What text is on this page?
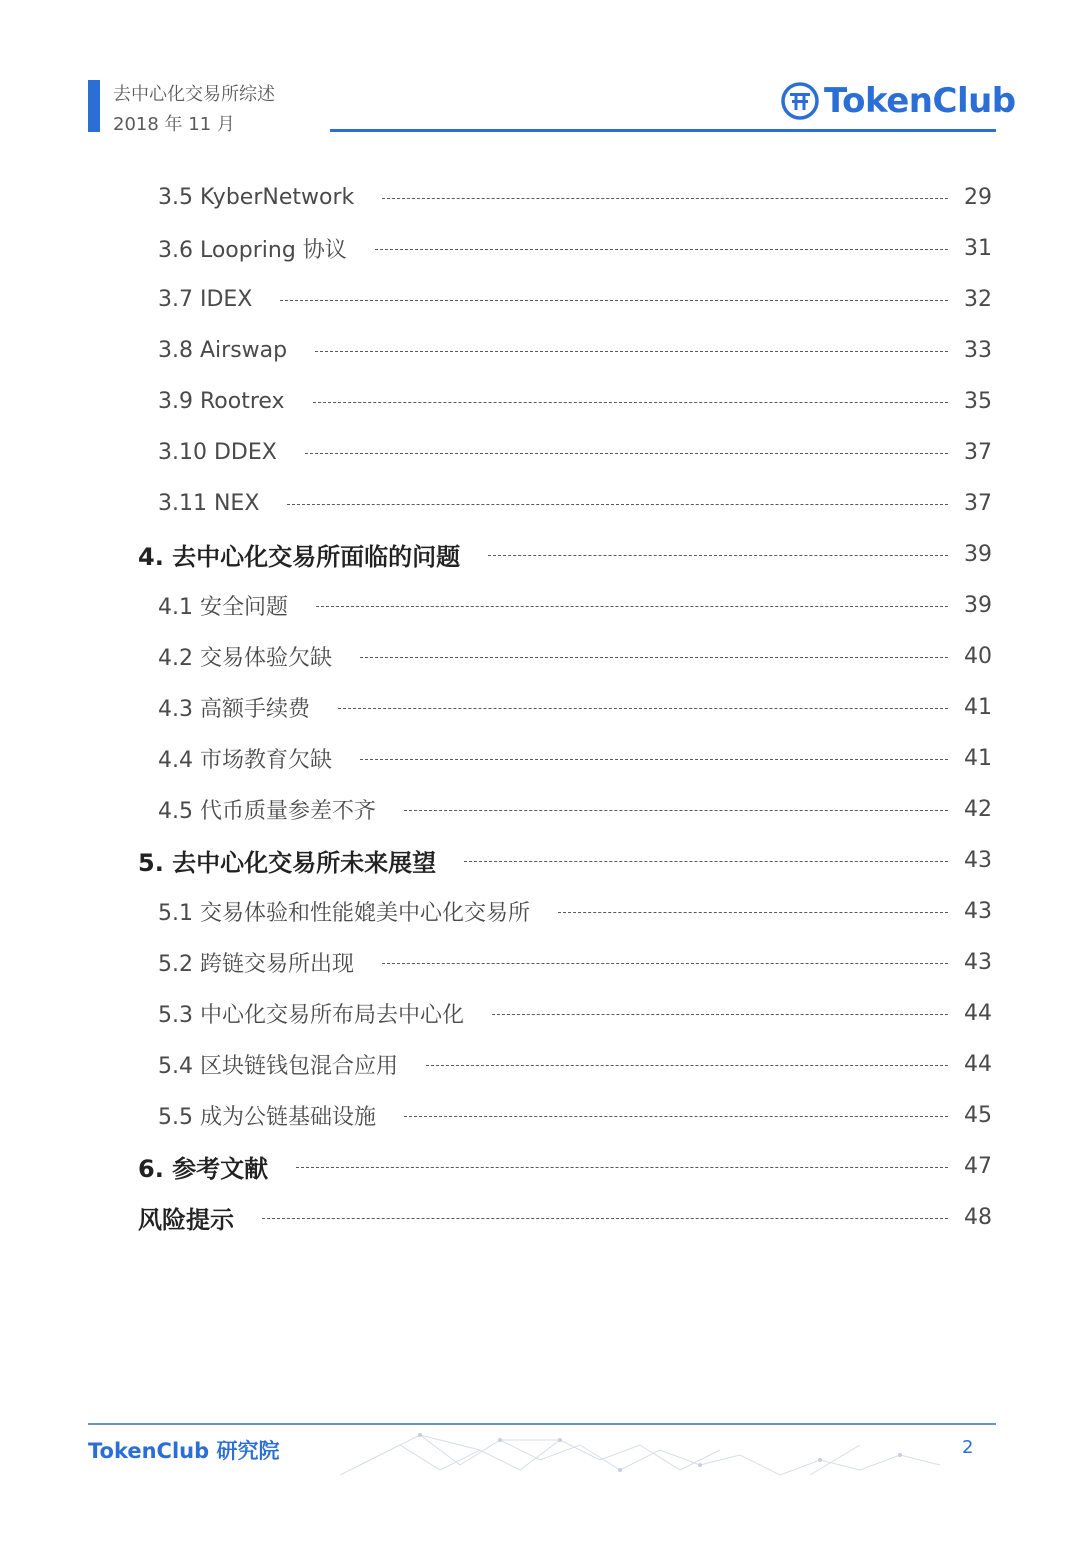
去中心化交易所综述
2018 年 11 月
TokenClub
3.5 KyberNetwork	29
3.6 Loopring 协议	31
3.7 IDEX	32
3.8 Airswap	33
3.9 Rootrex	35
3.10 DDEX	37
3.11 NEX	37
4. 去中心化交易所面临的问题	39
4.1 安全问题	39
4.2 交易体验欠缺	40
4.3 高额手续费	41
4.4 市场教育欠缺	41
4.5 代币质量参差不齐	42
5. 去中心化交易所未来展望	43
5.1 交易体验和性能媲美中心化交易所	43
5.2 跨链交易所出现	43
5.3 中心化交易所布局去中心化	44
5.4 区块链钱包混合应用	44
5.5 成为公链基础设施	45
6. 参考文献	47
风险提示	48
TokenClub 研究院	2
